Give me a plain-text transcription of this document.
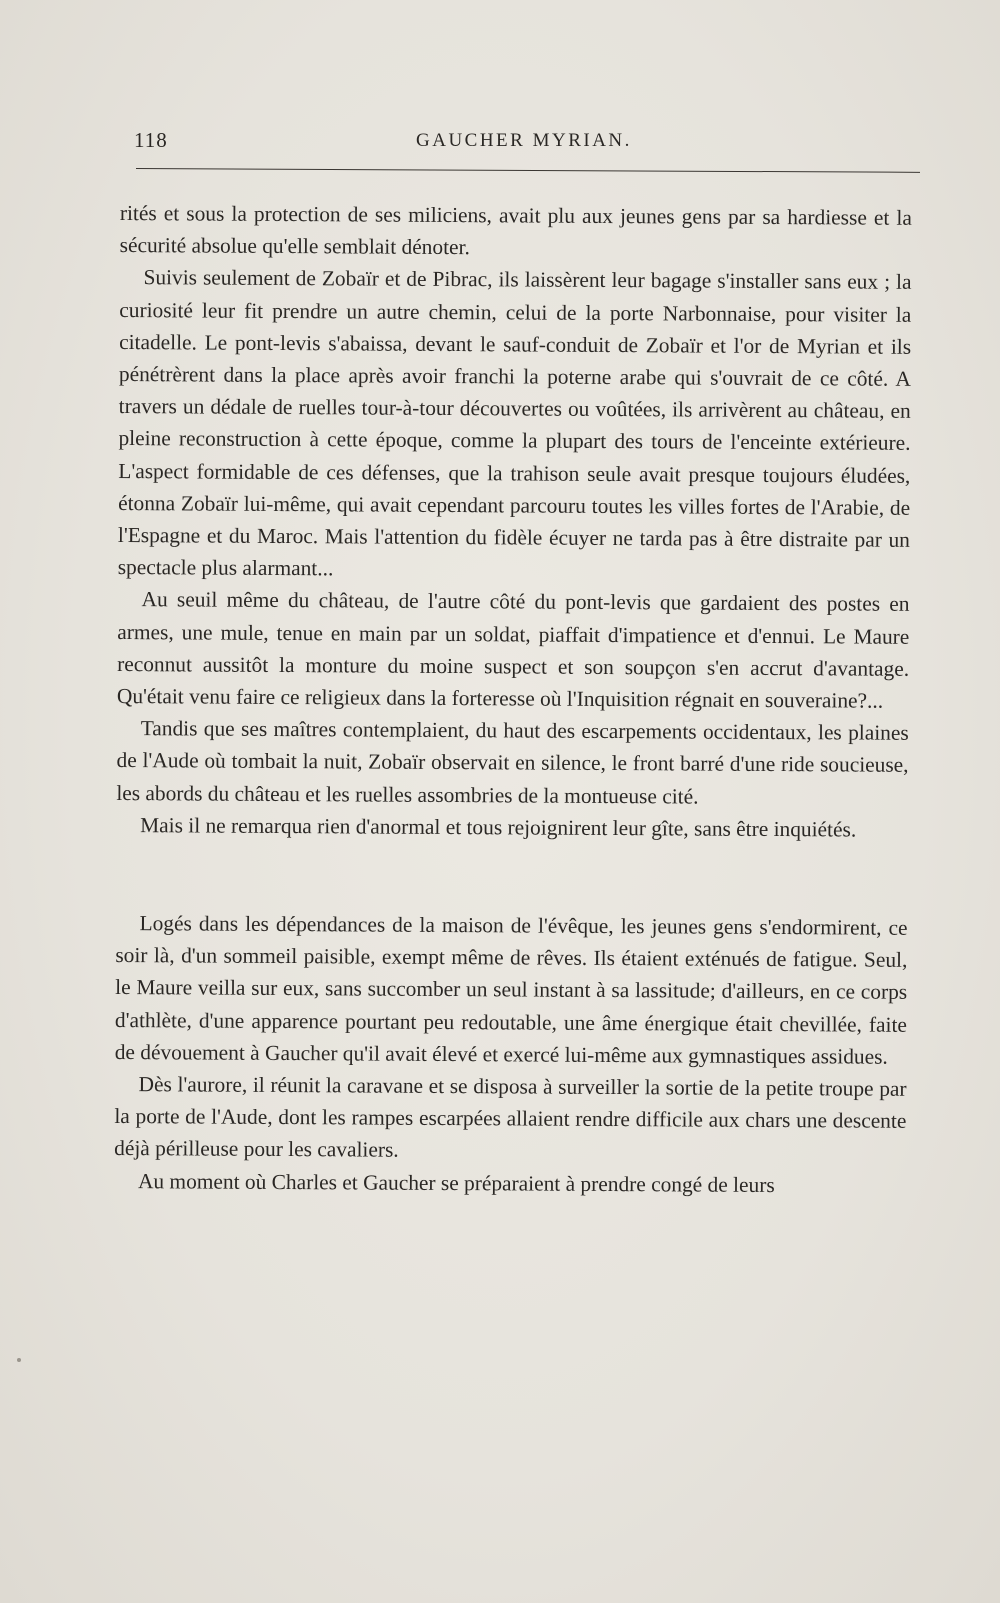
118	GAUCHER MYRIAN.

rités et sous la protection de ses miliciens, avait plu aux jeunes gens par sa hardiesse et la sécurité absolue qu'elle semblait dénoter.

Suivis seulement de Zobaïr et de Pibrac, ils laissèrent leur bagage s'installer sans eux ; la curiosité leur fit prendre un autre chemin, celui de la porte Narbonnaise, pour visiter la citadelle. Le pont-levis s'abaissa, devant le sauf-conduit de Zobaïr et l'or de Myrian et ils pénétrèrent dans la place après avoir franchi la poterne arabe qui s'ouvrait de ce côté. A travers un dédale de ruelles tour-à-tour découvertes ou voûtées, ils arrivèrent au château, en pleine reconstruction à cette époque, comme la plupart des tours de l'enceinte extérieure. L'aspect formidable de ces défenses, que la trahison seule avait presque toujours éludées, étonna Zobaïr lui-même, qui avait cependant parcouru toutes les villes fortes de l'Arabie, de l'Espagne et du Maroc. Mais l'attention du fidèle écuyer ne tarda pas à être distraite par un spectacle plus alarmant...

Au seuil même du château, de l'autre côté du pont-levis que gardaient des postes en armes, une mule, tenue en main par un soldat, piaffait d'impatience et d'ennui. Le Maure reconnut aussitôt la monture du moine suspect et son soupçon s'en accrut d'avantage. Qu'était venu faire ce religieux dans la forteresse où l'Inquisition régnait en souveraine?...

Tandis que ses maîtres contemplaient, du haut des escarpements occidentaux, les plaines de l'Aude où tombait la nuit, Zobaïr observait en silence, le front barré d'une ride soucieuse, les abords du château et les ruelles assombries de la montueuse cité.

Mais il ne remarqua rien d'anormal et tous rejoignirent leur gîte, sans être inquiétés.

Logés dans les dépendances de la maison de l'évêque, les jeunes gens s'endormirent, ce soir là, d'un sommeil paisible, exempt même de rêves. Ils étaient exténués de fatigue. Seul, le Maure veilla sur eux, sans succomber un seul instant à sa lassitude; d'ailleurs, en ce corps d'athlète, d'une apparence pourtant peu redoutable, une âme énergique était chevillée, faite de dévouement à Gaucher qu'il avait élevé et exercé lui-même aux gymnastiques assidues.

Dès l'aurore, il réunit la caravane et se disposa à surveiller la sortie de la petite troupe par la porte de l'Aude, dont les rampes escarpées allaient rendre difficile aux chars une descente déjà périlleuse pour les cavaliers.

Au moment où Charles et Gaucher se préparaient à prendre congé de leurs
